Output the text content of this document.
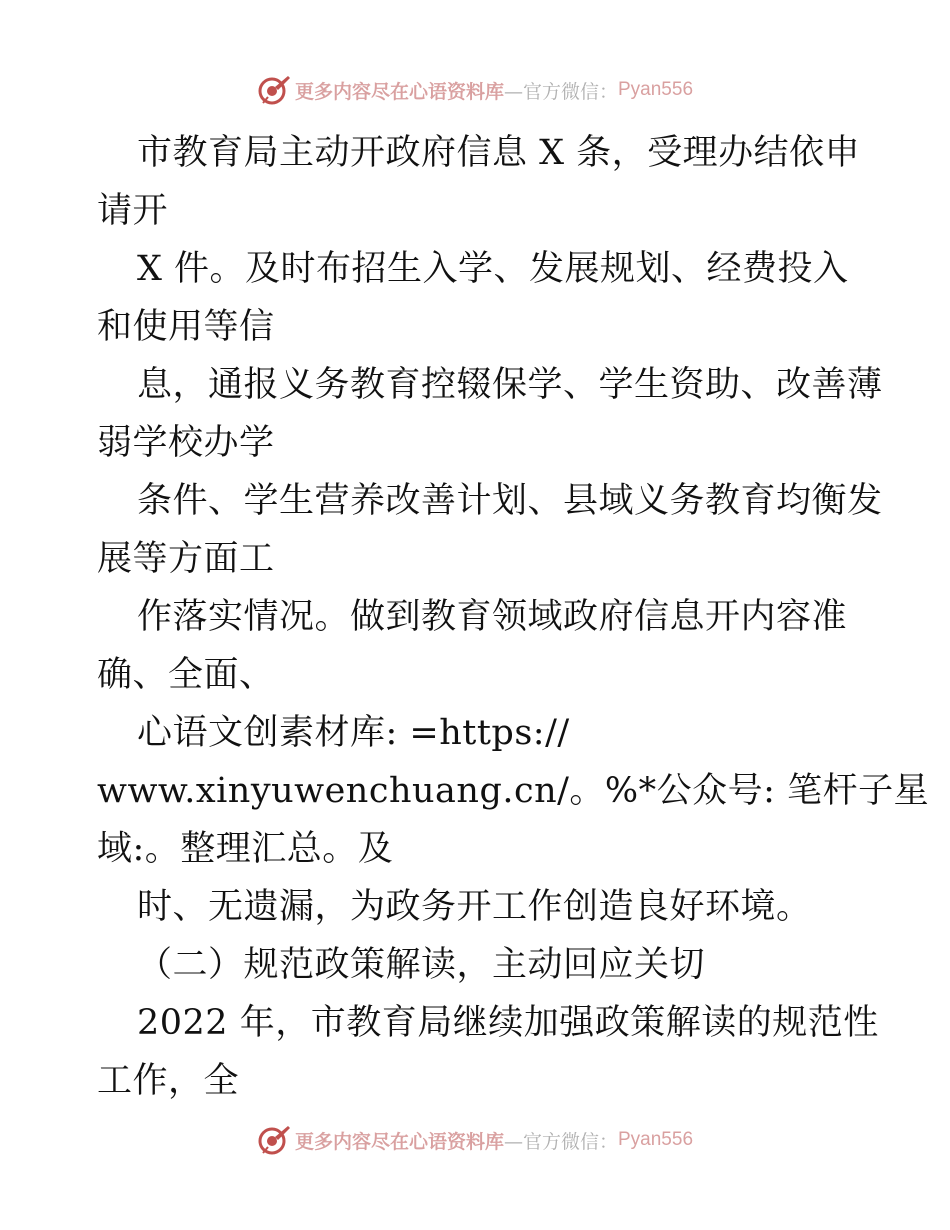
更多内容尽在心语资料库 —官方微信： Pyan556
市教育局主动开政府信息 X 条，受理办结依申
请开
X 件。及时布招生入学、发展规划、经费投入
和使用等信
息，通报义务教育控辍保学、学生资助、改善薄
弱学校办学
条件、学生营养改善计划、县域义务教育均衡发
展等方面工
作落实情况。做到教育领域政府信息开内容准
确、全面、
心语文创素材库: =https://
www.xinyuwenchuang.cn/。%*公众号: 笔杆子星
域:。整理汇总。及
时、无遗漏，为政务开工作创造良好环境。
（二）规范政策解读，主动回应关切
2022 年，市教育局继续加强政策解读的规范性
工作，全
更多内容尽在心语资料库 —官方微信： Pyan556
